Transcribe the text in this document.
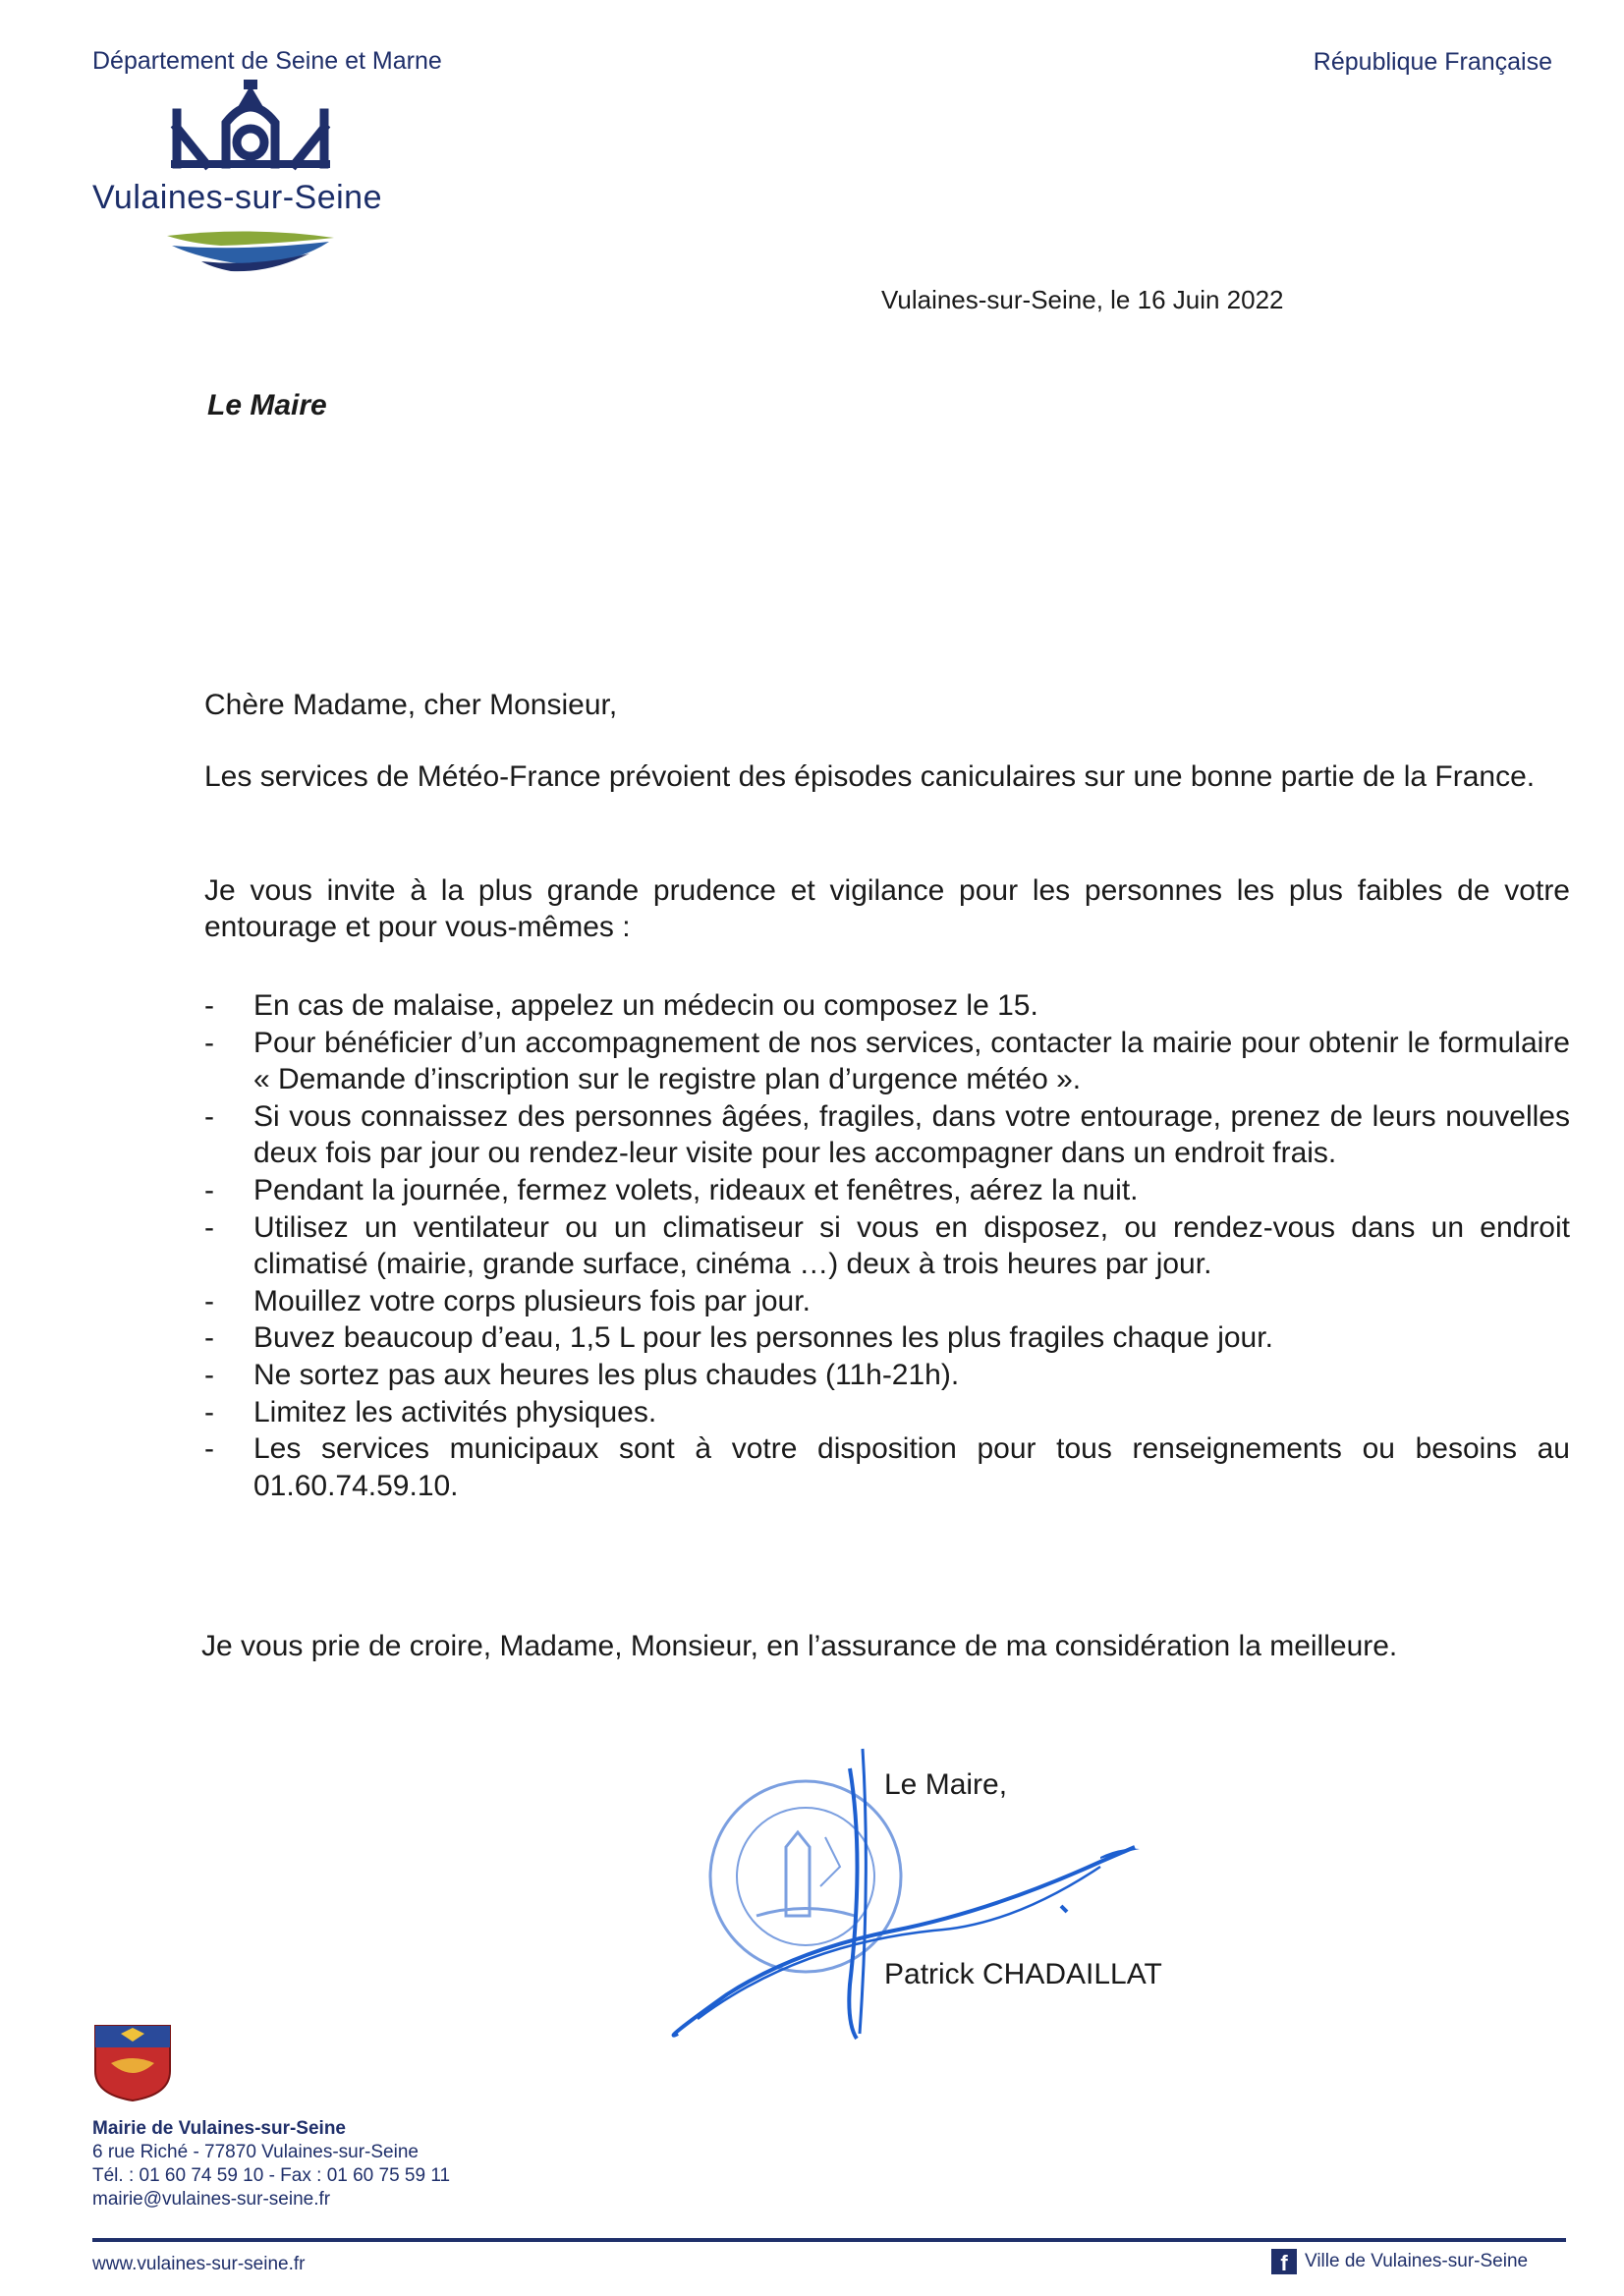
Département de Seine et Marne	République Française
Vulaines-sur-Seine
Vulaines-sur-Seine, le 16 Juin 2022
Le Maire
Chère Madame, cher Monsieur,
Les services de Météo-France prévoient des épisodes caniculaires sur une bonne partie de la France.
Je vous invite à la plus grande prudence et vigilance pour les personnes les plus faibles de votre entourage et pour vous-mêmes :
- En cas de malaise, appelez un médecin ou composez le 15.
- Pour bénéficier d’un accompagnement de nos services, contacter la mairie pour obtenir le formulaire « Demande d’inscription sur le registre plan d’urgence météo ».
- Si vous connaissez des personnes âgées, fragiles, dans votre entourage, prenez de leurs nouvelles deux fois par jour ou rendez-leur visite pour les accompagner dans un endroit frais.
- Pendant la journée, fermez volets, rideaux et fenêtres, aérez la nuit.
- Utilisez un ventilateur ou un climatiseur si vous en disposez, ou rendez-vous dans un endroit climatisé (mairie, grande surface, cinéma …) deux à trois heures par jour.
- Mouillez votre corps plusieurs fois par jour.
- Buvez beaucoup d’eau, 1,5 L pour les personnes les plus fragiles chaque jour.
- Ne sortez pas aux heures les plus chaudes (11h-21h).
- Limitez les activités physiques.
- Les services municipaux sont à votre disposition pour tous renseignements ou besoins au 01.60.74.59.10.
Je vous prie de croire, Madame, Monsieur, en l’assurance de ma considération la meilleure.
Le Maire,
Patrick CHADAILLAT
Mairie de Vulaines-sur-Seine
6 rue Riché - 77870 Vulaines-sur-Seine
Tél. : 01 60 74 59 10 - Fax : 01 60 75 59 11
mairie@vulaines-sur-seine.fr
www.vulaines-sur-seine.fr	f Ville de Vulaines-sur-Seine
